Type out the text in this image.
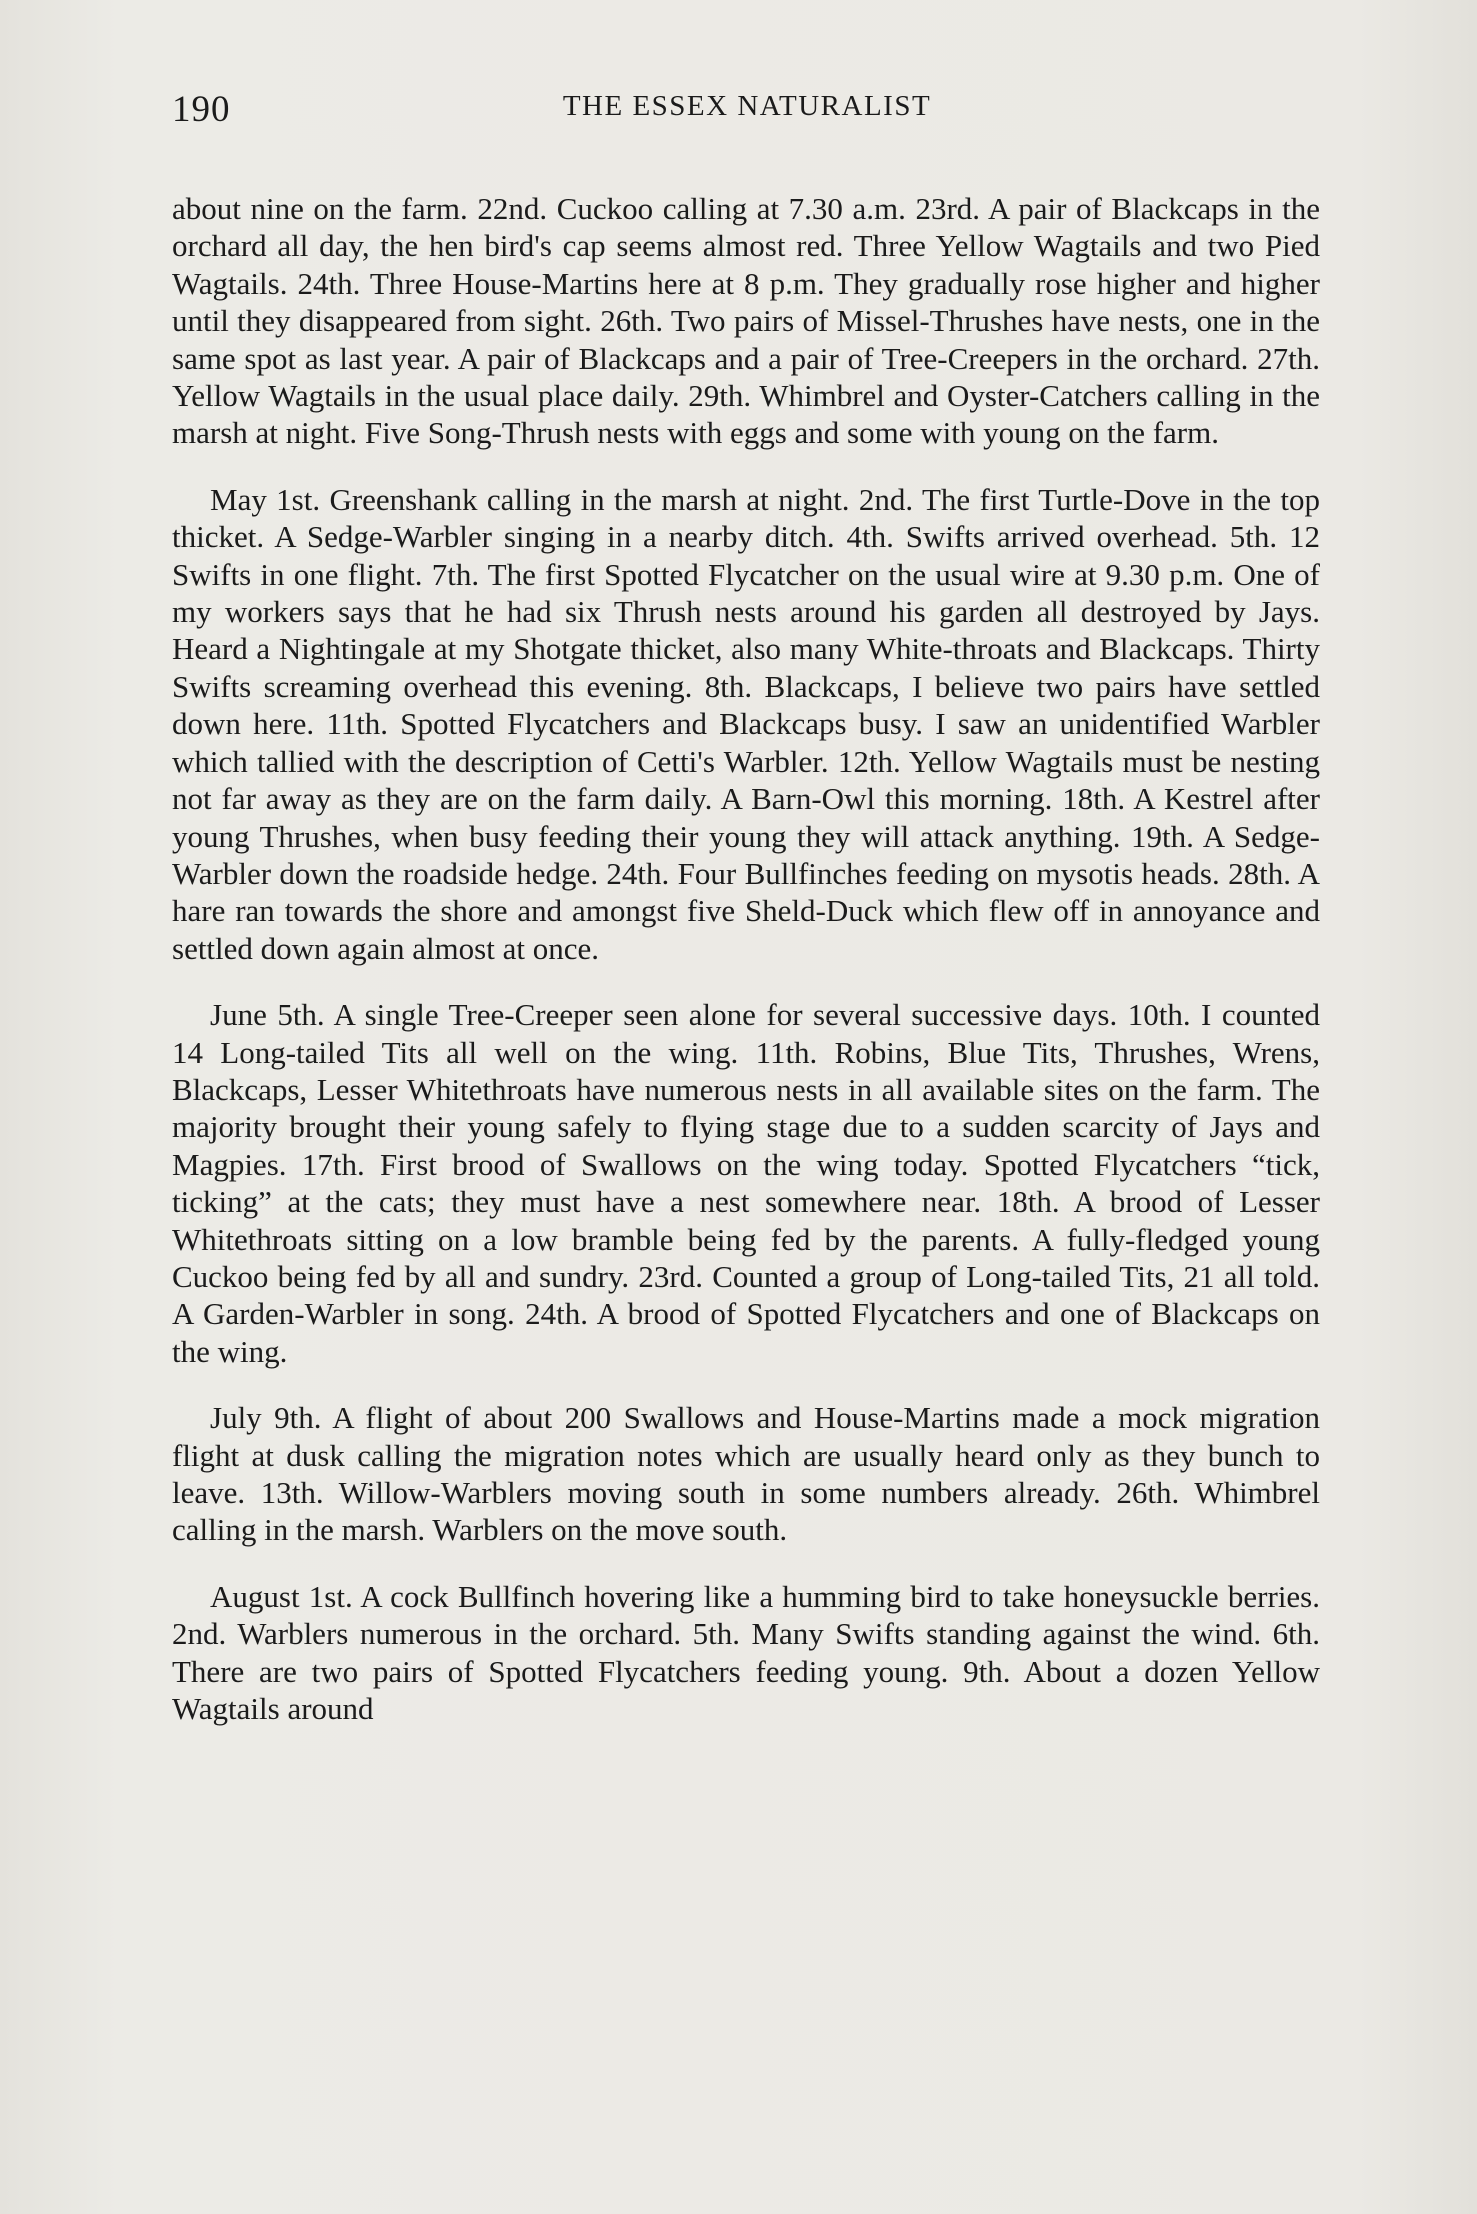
190	THE ESSEX NATURALIST

about nine on the farm. 22nd. Cuckoo calling at 7.30 a.m. 23rd. A pair of Blackcaps in the orchard all day, the hen bird's cap seems almost red. Three Yellow Wagtails and two Pied Wagtails. 24th. Three House-Martins here at 8 p.m. They gradually rose higher and higher until they disappeared from sight. 26th. Two pairs of Missel-Thrushes have nests, one in the same spot as last year. A pair of Blackcaps and a pair of Tree-Creepers in the orchard. 27th. Yellow Wagtails in the usual place daily. 29th. Whimbrel and Oyster-Catchers calling in the marsh at night. Five Song-Thrush nests with eggs and some with young on the farm.

May 1st. Greenshank calling in the marsh at night. 2nd. The first Turtle-Dove in the top thicket. A Sedge-Warbler singing in a nearby ditch. 4th. Swifts arrived overhead. 5th. 12 Swifts in one flight. 7th. The first Spotted Flycatcher on the usual wire at 9.30 p.m. One of my workers says that he had six Thrush nests around his garden all destroyed by Jays. Heard a Nightingale at my Shotgate thicket, also many White-throats and Blackcaps. Thirty Swifts screaming overhead this evening. 8th. Blackcaps, I believe two pairs have settled down here. 11th. Spotted Flycatchers and Blackcaps busy. I saw an unidentified Warbler which tallied with the description of Cetti's Warbler. 12th. Yellow Wagtails must be nesting not far away as they are on the farm daily. A Barn-Owl this morning. 18th. A Kestrel after young Thrushes, when busy feeding their young they will attack anything. 19th. A Sedge-Warbler down the roadside hedge. 24th. Four Bullfinches feeding on mysotis heads. 28th. A hare ran towards the shore and amongst five Sheld-Duck which flew off in annoyance and settled down again almost at once.

June 5th. A single Tree-Creeper seen alone for several successive days. 10th. I counted 14 Long-tailed Tits all well on the wing. 11th. Robins, Blue Tits, Thrushes, Wrens, Blackcaps, Lesser Whitethroats have numerous nests in all available sites on the farm. The majority brought their young safely to flying stage due to a sudden scarcity of Jays and Magpies. 17th. First brood of Swallows on the wing today. Spotted Flycatchers “tick, ticking” at the cats; they must have a nest somewhere near. 18th. A brood of Lesser Whitethroats sitting on a low bramble being fed by the parents. A fully-fledged young Cuckoo being fed by all and sundry. 23rd. Counted a group of Long-tailed Tits, 21 all told. A Garden-Warbler in song. 24th. A brood of Spotted Flycatchers and one of Blackcaps on the wing.

July 9th. A flight of about 200 Swallows and House-Martins made a mock migration flight at dusk calling the migration notes which are usually heard only as they bunch to leave. 13th. Willow-Warblers moving south in some numbers already. 26th. Whimbrel calling in the marsh. Warblers on the move south.

August 1st. A cock Bullfinch hovering like a humming bird to take honeysuckle berries. 2nd. Warblers numerous in the orchard. 5th. Many Swifts standing against the wind. 6th. There are two pairs of Spotted Flycatchers feeding young. 9th. About a dozen Yellow Wagtails around
